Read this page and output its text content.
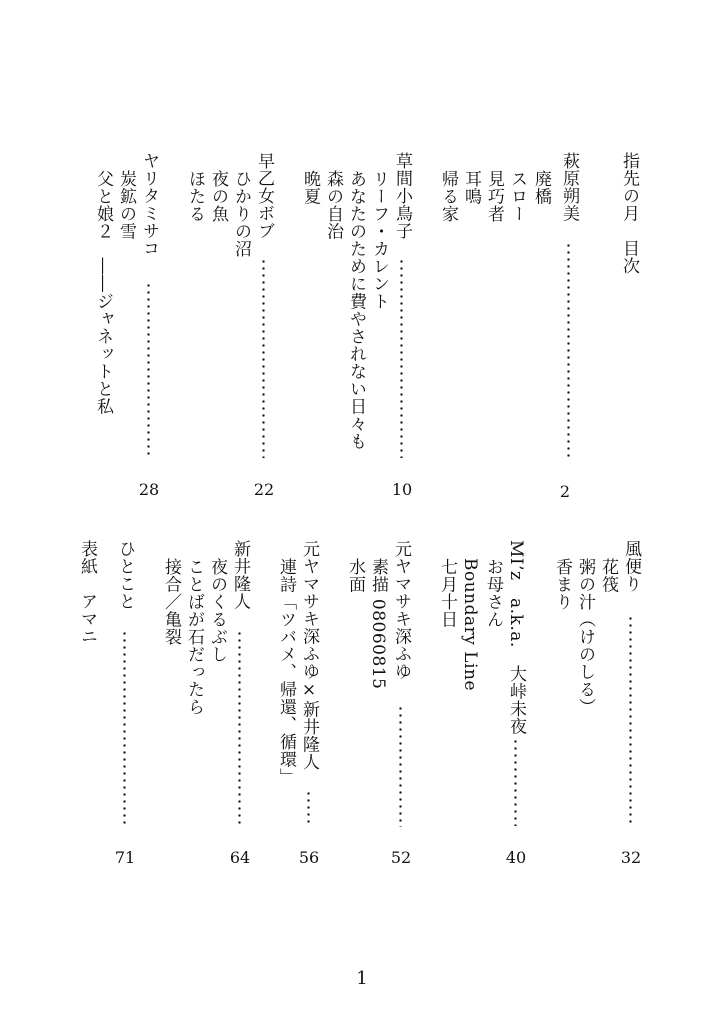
指先の月　目次
萩原朔美
廃橋
スロー
見巧者
耳鳴
帰る家
2
草間小鳥子
リーフ・カレント
あなたのために費やされない日々も
森の自治
晩夏
10
早乙女ボブ
ひかりの沼
夜の魚
ほたる
22
ヤリタミサコ
炭鉱の雪
父と娘２　――ジャネットと私
28
風便り
花筏
粥の汁（けのしる）
香まり
32
MI’z　a.k.a.　大峠未夜
お母さん
Boundary Line
七月十日
40
元ヤマサキ深ふゆ
素描 08060815
水面
52
元ヤマサキ深ふゆ×新井隆人
連詩「ツバメ、帰還、循環」
56
新井隆人
夜のくるぶし
ことばが石だったら
接合／亀裂
64
ひとこと
71
表紙　アマニ
1
